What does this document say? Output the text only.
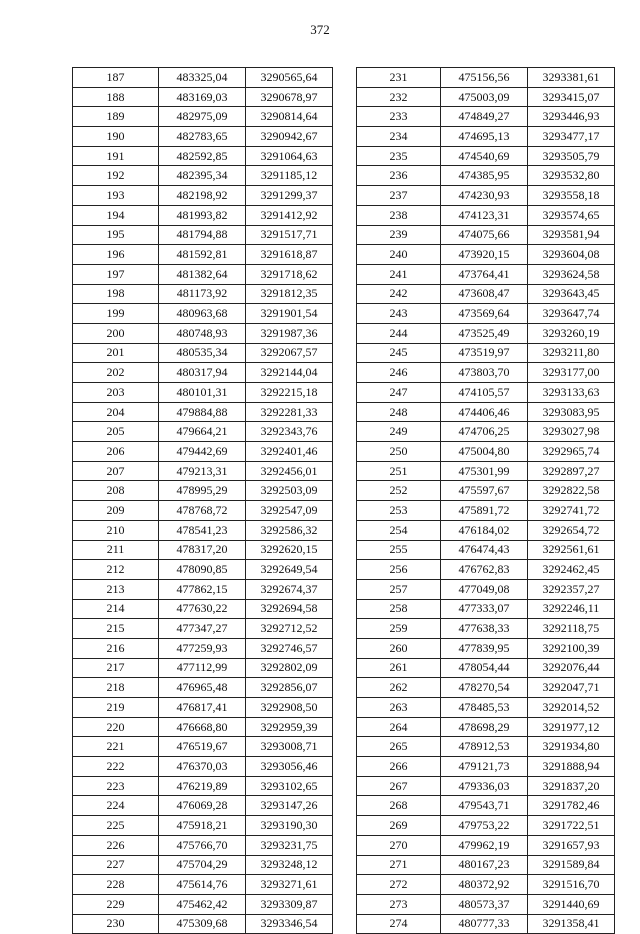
372
187	483325,04	3290565,64
188	483169,03	3290678,97
189	482975,09	3290814,64
190	482783,65	3290942,67
191	482592,85	3291064,63
192	482395,34	3291185,12
193	482198,92	3291299,37
194	481993,82	3291412,92
195	481794,88	3291517,71
196	481592,81	3291618,87
197	481382,64	3291718,62
198	481173,92	3291812,35
199	480963,68	3291901,54
200	480748,93	3291987,36
201	480535,34	3292067,57
202	480317,94	3292144,04
203	480101,31	3292215,18
204	479884,88	3292281,33
205	479664,21	3292343,76
206	479442,69	3292401,46
207	479213,31	3292456,01
208	478995,29	3292503,09
209	478768,72	3292547,09
210	478541,23	3292586,32
211	478317,20	3292620,15
212	478090,85	3292649,54
213	477862,15	3292674,37
214	477630,22	3292694,58
215	477347,27	3292712,52
216	477259,93	3292746,57
217	477112,99	3292802,09
218	476965,48	3292856,07
219	476817,41	3292908,50
220	476668,80	3292959,39
221	476519,67	3293008,71
222	476370,03	3293056,46
223	476219,89	3293102,65
224	476069,28	3293147,26
225	475918,21	3293190,30
226	475766,70	3293231,75
227	475704,29	3293248,12
228	475614,76	3293271,61
229	475462,42	3293309,87
230	475309,68	3293346,54
231	475156,56	3293381,61
232	475003,09	3293415,07
233	474849,27	3293446,93
234	474695,13	3293477,17
235	474540,69	3293505,79
236	474385,95	3293532,80
237	474230,93	3293558,18
238	474123,31	3293574,65
239	474075,66	3293581,94
240	473920,15	3293604,08
241	473764,41	3293624,58
242	473608,47	3293643,45
243	473569,64	3293647,74
244	473525,49	3293260,19
245	473519,97	3293211,80
246	473803,70	3293177,00
247	474105,57	3293133,63
248	474406,46	3293083,95
249	474706,25	3293027,98
250	475004,80	3292965,74
251	475301,99	3292897,27
252	475597,67	3292822,58
253	475891,72	3292741,72
254	476184,02	3292654,72
255	476474,43	3292561,61
256	476762,83	3292462,45
257	477049,08	3292357,27
258	477333,07	3292246,11
259	477638,33	3292118,75
260	477839,95	3292100,39
261	478054,44	3292076,44
262	478270,54	3292047,71
263	478485,53	3292014,52
264	478698,29	3291977,12
265	478912,53	3291934,80
266	479121,73	3291888,94
267	479336,03	3291837,20
268	479543,71	3291782,46
269	479753,22	3291722,51
270	479962,19	3291657,93
271	480167,23	3291589,84
272	480372,92	3291516,70
273	480573,37	3291440,69
274	480777,33	3291358,41
